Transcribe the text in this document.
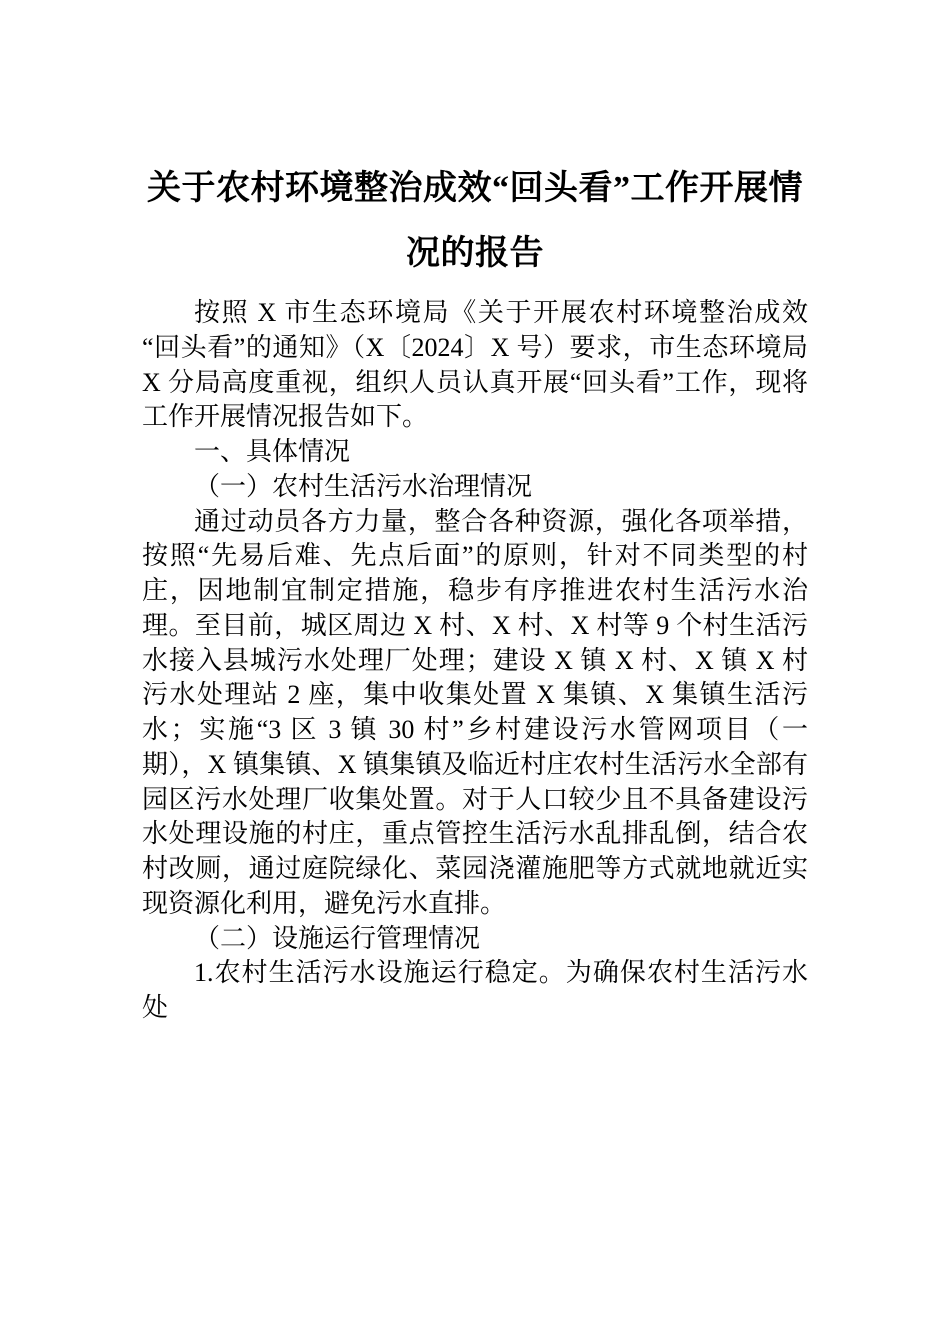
关于农村环境整治成效“回头看”工作开展情
况的报告

按照 X 市生态环境局《关于开展农村环境整治成效“回头看”的通知》（X〔2024〕X 号）要求，市生态环境局 X 分局高度重视，组织人员认真开展“回头看”工作，现将工作开展情况报告如下。

一、具体情况

（一）农村生活污水治理情况

通过动员各方力量，整合各种资源，强化各项举措，按照“先易后难、先点后面”的原则，针对不同类型的村庄，因地制宜制定措施，稳步有序推进农村生活污水治理。至目前，城区周边 X 村、X 村、X 村等 9 个村生活污水接入县城污水处理厂处理；建设 X 镇 X 村、X 镇 X 村污水处理站 2 座，集中收集处置 X 集镇、X 集镇生活污水；实施“3 区 3 镇 30 村”乡村建设污水管网项目（一期），X 镇集镇、X 镇集镇及临近村庄农村生活污水全部有园区污水处理厂收集处置。对于人口较少且不具备建设污水处理设施的村庄，重点管控生活污水乱排乱倒，结合农村改厕，通过庭院绿化、菜园浇灌施肥等方式就地就近实现资源化利用，避免污水直排。

（二）设施运行管理情况

1.农村生活污水设施运行稳定。为确保农村生活污水处
